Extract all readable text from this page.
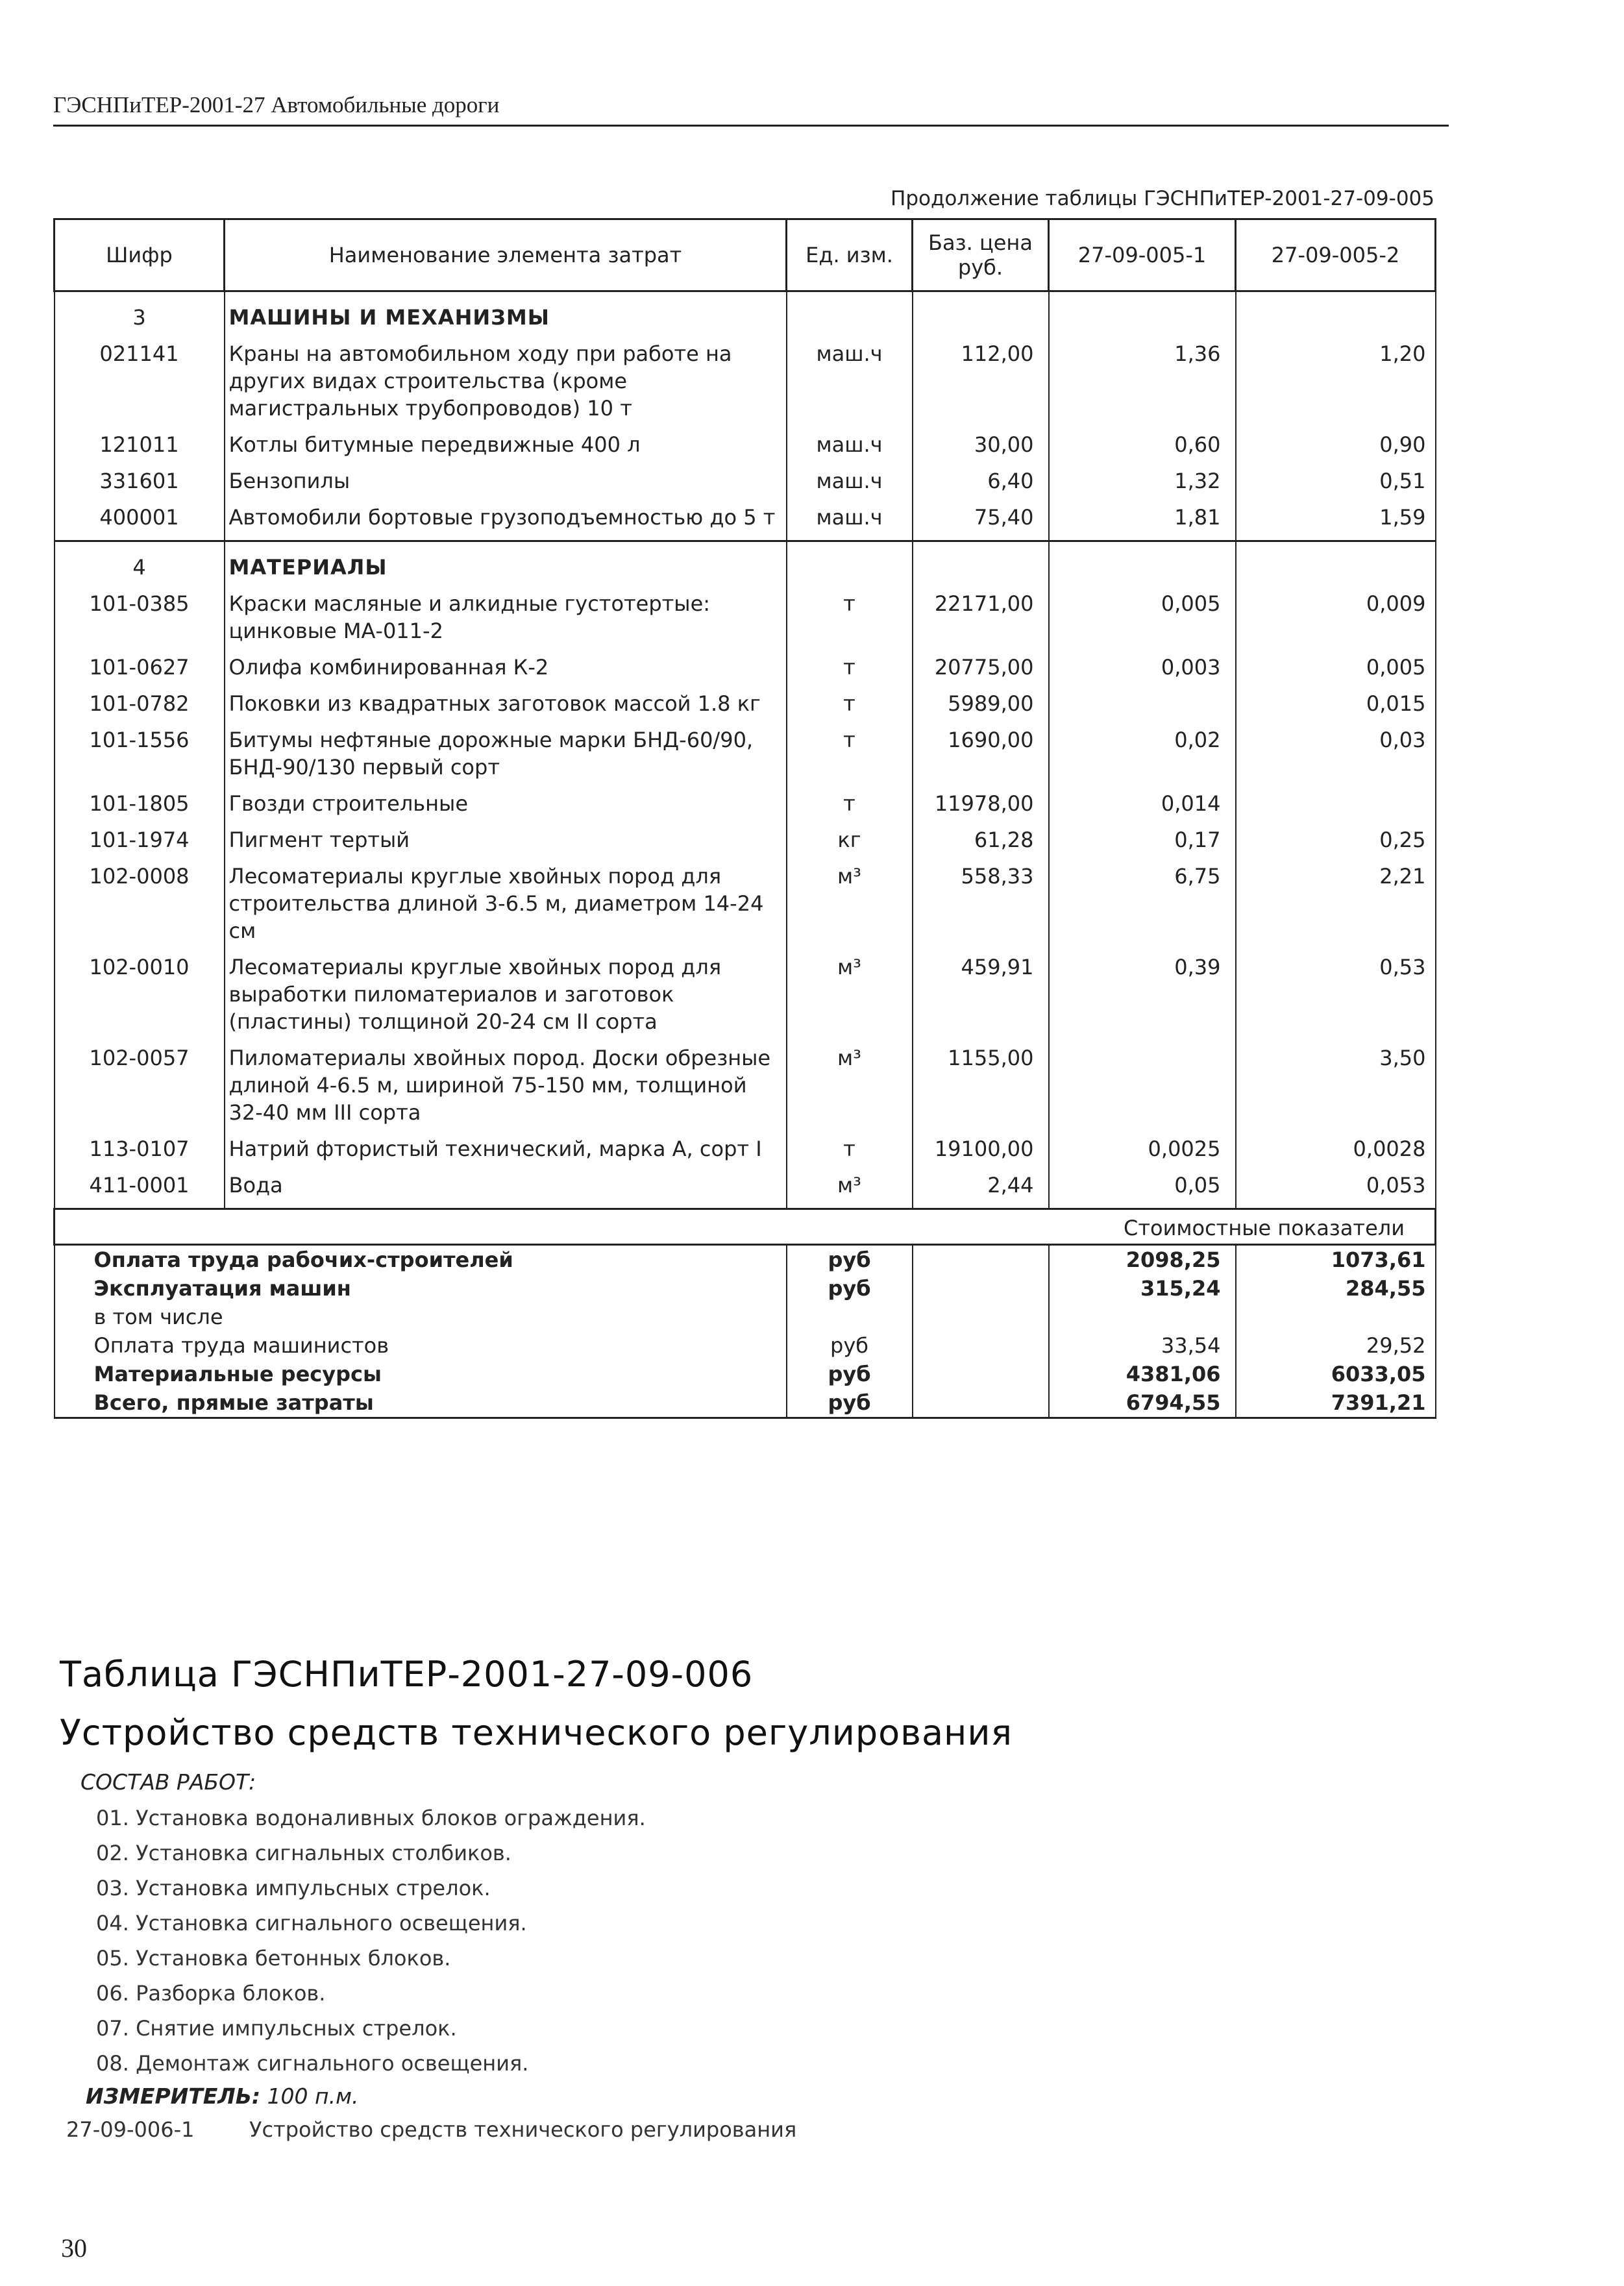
ГЭСНПиТЕР-2001-27 Автомобильные дороги
Продолжение таблицы ГЭСНПиТЕР-2001-27-09-005
Шифр	Наименование элемента затрат	Ед. изм.	Баз. цена руб.	27-09-005-1	27-09-005-2
3	МАШИНЫ И МЕХАНИЗМЫ				
021141	Краны на автомобильном ходу при работе на других видах строительства (кроме магистральных трубопроводов) 10 т	маш.ч	112,00	1,36	1,20
121011	Котлы битумные передвижные 400 л	маш.ч	30,00	0,60	0,90
331601	Бензопилы	маш.ч	6,40	1,32	0,51
400001	Автомобили бортовые грузоподъемностью до 5 т	маш.ч	75,40	1,81	1,59
4	МАТЕРИАЛЫ				
101-0385	Краски масляные и алкидные густотертые: цинковые МА-011-2	т	22171,00	0,005	0,009
101-0627	Олифа комбинированная К-2	т	20775,00	0,003	0,005
101-0782	Поковки из квадратных заготовок массой 1.8 кг	т	5989,00		0,015
101-1556	Битумы нефтяные дорожные марки БНД-60/90, БНД-90/130 первый сорт	т	1690,00	0,02	0,03
101-1805	Гвозди строительные	т	11978,00	0,014	
101-1974	Пигмент тертый	кг	61,28	0,17	0,25
102-0008	Лесоматериалы круглые хвойных пород для строительства длиной 3-6.5 м, диаметром 14-24 см	м³	558,33	6,75	2,21
102-0010	Лесоматериалы круглые хвойных пород для выработки пиломатериалов и заготовок (пластины) толщиной 20-24 см II сорта	м³	459,91	0,39	0,53
102-0057	Пиломатериалы хвойных пород. Доски обрезные длиной 4-6.5 м, шириной 75-150 мм, толщиной 32-40 мм III сорта	м³	1155,00		3,50
113-0107	Натрий фтористый технический, марка А, сорт I	т	19100,00	0,0025	0,0028
411-0001	Вода	м³	2,44	0,05	0,053
Стоимостные показатели					
Оплата труда рабочих-строителей		руб		2098,25	1073,61
Эксплуатация машин		руб		315,24	284,55
в том числе					
Оплата труда машинистов		руб		33,54	29,52
Материальные ресурсы		руб		4381,06	6033,05
Всего, прямые затраты		руб		6794,55	7391,21
Таблица ГЭСНПиТЕР-2001-27-09-006
Устройство средств технического регулирования
СОСТАВ РАБОТ:
01. Установка водоналивных блоков ограждения.
02. Установка сигнальных столбиков.
03. Установка импульсных стрелок.
04. Установка сигнального освещения.
05. Установка бетонных блоков.
06. Разборка блоков.
07. Снятие импульсных стрелок.
08. Демонтаж сигнального освещения.
ИЗМЕРИТЕЛЬ: 100 п.м.
27-09-006-1	Устройство средств технического регулирования
30
